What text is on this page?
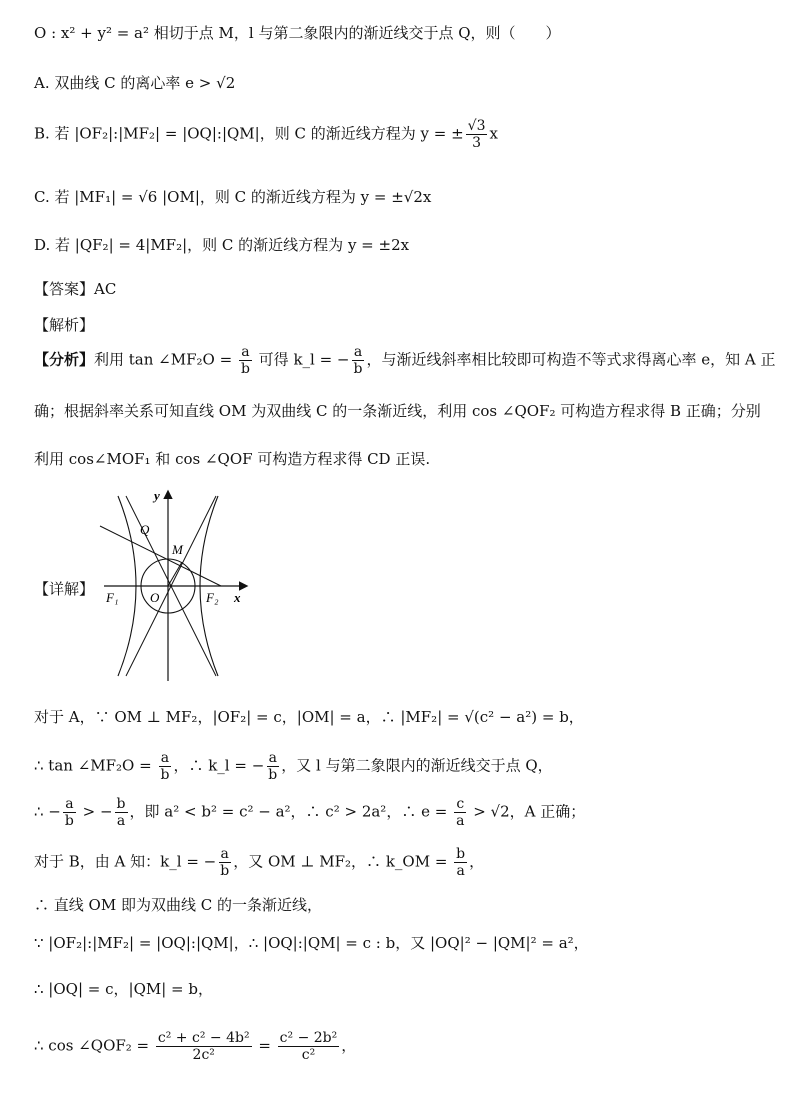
O : x² + y² = a² 相切于点 M，l 与第二象限内的渐近线交于点 Q，则（　　）
A. 双曲线 C 的离心率 e > √2
B. 若 |OF₂|:|MF₂| = |OQ|:|QM|，则 C 的渐近线方程为 y = ± $\frac{√3}{3}$ x
C. 若 |MF₁| = √6 |OM|，则 C 的渐近线方程为 y = ±√2x
D. 若 |QF₂| = 4|MF₂|，则 C 的渐近线方程为 y = ±2x
【答案】AC
【解析】
【分析】利用 tan ∠MF₂O = $\frac{a}{b}$ 可得 k_l = − $\frac{a}{b}$ ，与渐近线斜率相比较即可构造不等式求得离心率 e，知 A 正
确；根据斜率关系可知直线 OM 为双曲线 C 的一条渐近线，利用 cos ∠QOF₂ 可构造方程求得 B 正确；分别
利用 cos∠MOF₁ 和 cos ∠QOF 可构造方程求得 CD 正误.
【详解】
y
x
Q
M
O
F₁	F₂
对于 A，∵ OM ⊥ MF₂，|OF₂| = c，|OM| = a，∴ |MF₂| = √(c² − a²) = b，
∴ tan ∠MF₂O = $\frac{a}{b}$ ，∴ k_l = − $\frac{a}{b}$ ，又 l 与第二象限内的渐近线交于点 Q，
∴ − $\frac{a}{b}$ > − $\frac{b}{a}$ ，即 a² < b² = c² − a²，∴ c² > 2a²，∴ $e = \frac{c}{a} > √2$，A 正确；
对于 B，由 A 知：k_l = − $\frac{a}{b}$ ，又 OM ⊥ MF₂，∴ k_OM = $\frac{b}{a}$ ，
∴ 直线 OM 即为双曲线 C 的一条渐近线，
∵ |OF₂|:|MF₂| = |OQ|:|QM|，∴ |OQ|:|QM| = c : b，又 |OQ|² − |QM|² = a²，
∴ |OQ| = c，|QM| = b，
∴ cos ∠QOF₂ = $\frac{\text{c² + c² − 4b²}}{\text{2c²}} = \frac{\text{c² − 2b²}}{\text{c²}}$ ，
